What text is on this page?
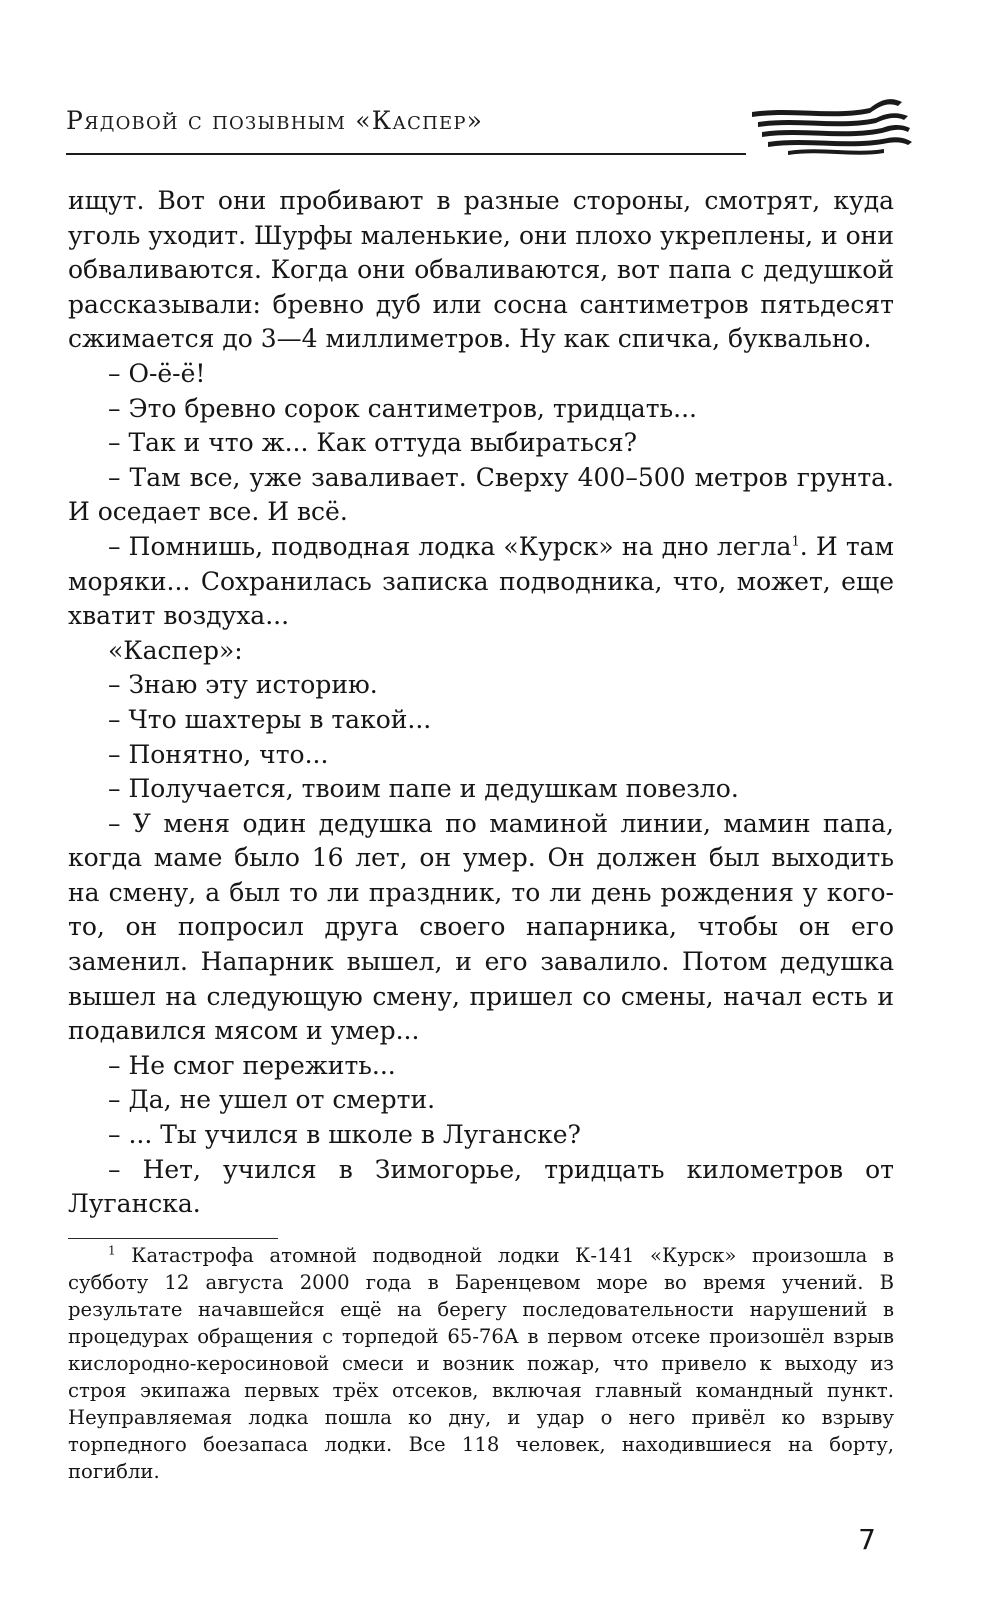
Рядовой с позывным «Каспер»

ищут. Вот они пробивают в разные стороны, смотрят, куда уголь уходит. Шурфы маленькие, они плохо укреплены, и они обваливаются. Когда они обваливаются, вот папа с дедушкой рассказывали: бревно дуб или сосна сантиметров пятьдесят сжимается до 3—4 миллиметров. Ну как спичка, буквально.

– О-ё-ё!

– Это бревно сорок сантиметров, тридцать...

– Так и что ж... Как оттуда выбираться?

– Там все, уже заваливает. Сверху 400–500 метров грунта. И оседает все. И всё.

– Помнишь, подводная лодка «Курск» на дно легла$^1$. И там моряки... Сохранилась записка подводника, что, может, еще хватит воздуха...

«Каспер»:

– Знаю эту историю.

– Что шахтеры в такой...

– Понятно, что...

– Получается, твоим папе и дедушкам повезло.

– У меня один дедушка по маминой линии, мамин папа, когда маме было 16 лет, он умер. Он должен был выходить на смену, а был то ли праздник, то ли день рождения у кого-то, он попросил друга своего напарника, чтобы он его заменил. Напарник вышел, и его завалило. Потом дедушка вышел на следующую смену, пришел со смены, начал есть и подавился мясом и умер...

– Не смог пережить...

– Да, не ушел от смерти.

– ... Ты учился в школе в Луганске?

– Нет, учился в Зимогорье, тридцать километров от Луганска.

$^1$ Катастрофа атомной подводной лодки К-141 «Курск» произошла в субботу 12 августа 2000 года в Баренцевом море во время учений. В результате начавшейся ещё на берегу последовательности нарушений в процедурах обращения с торпедой 65-76А в первом отсеке произошёл взрыв кислородно-керосиновой смеси и возник пожар, что привело к выходу из строя экипажа первых трёх отсеков, включая главный командный пункт. Неуправляемая лодка пошла ко дну, и удар о него привёл ко взрыву торпедного боезапаса лодки. Все 118 человек, находившиеся на борту, погибли.
7
